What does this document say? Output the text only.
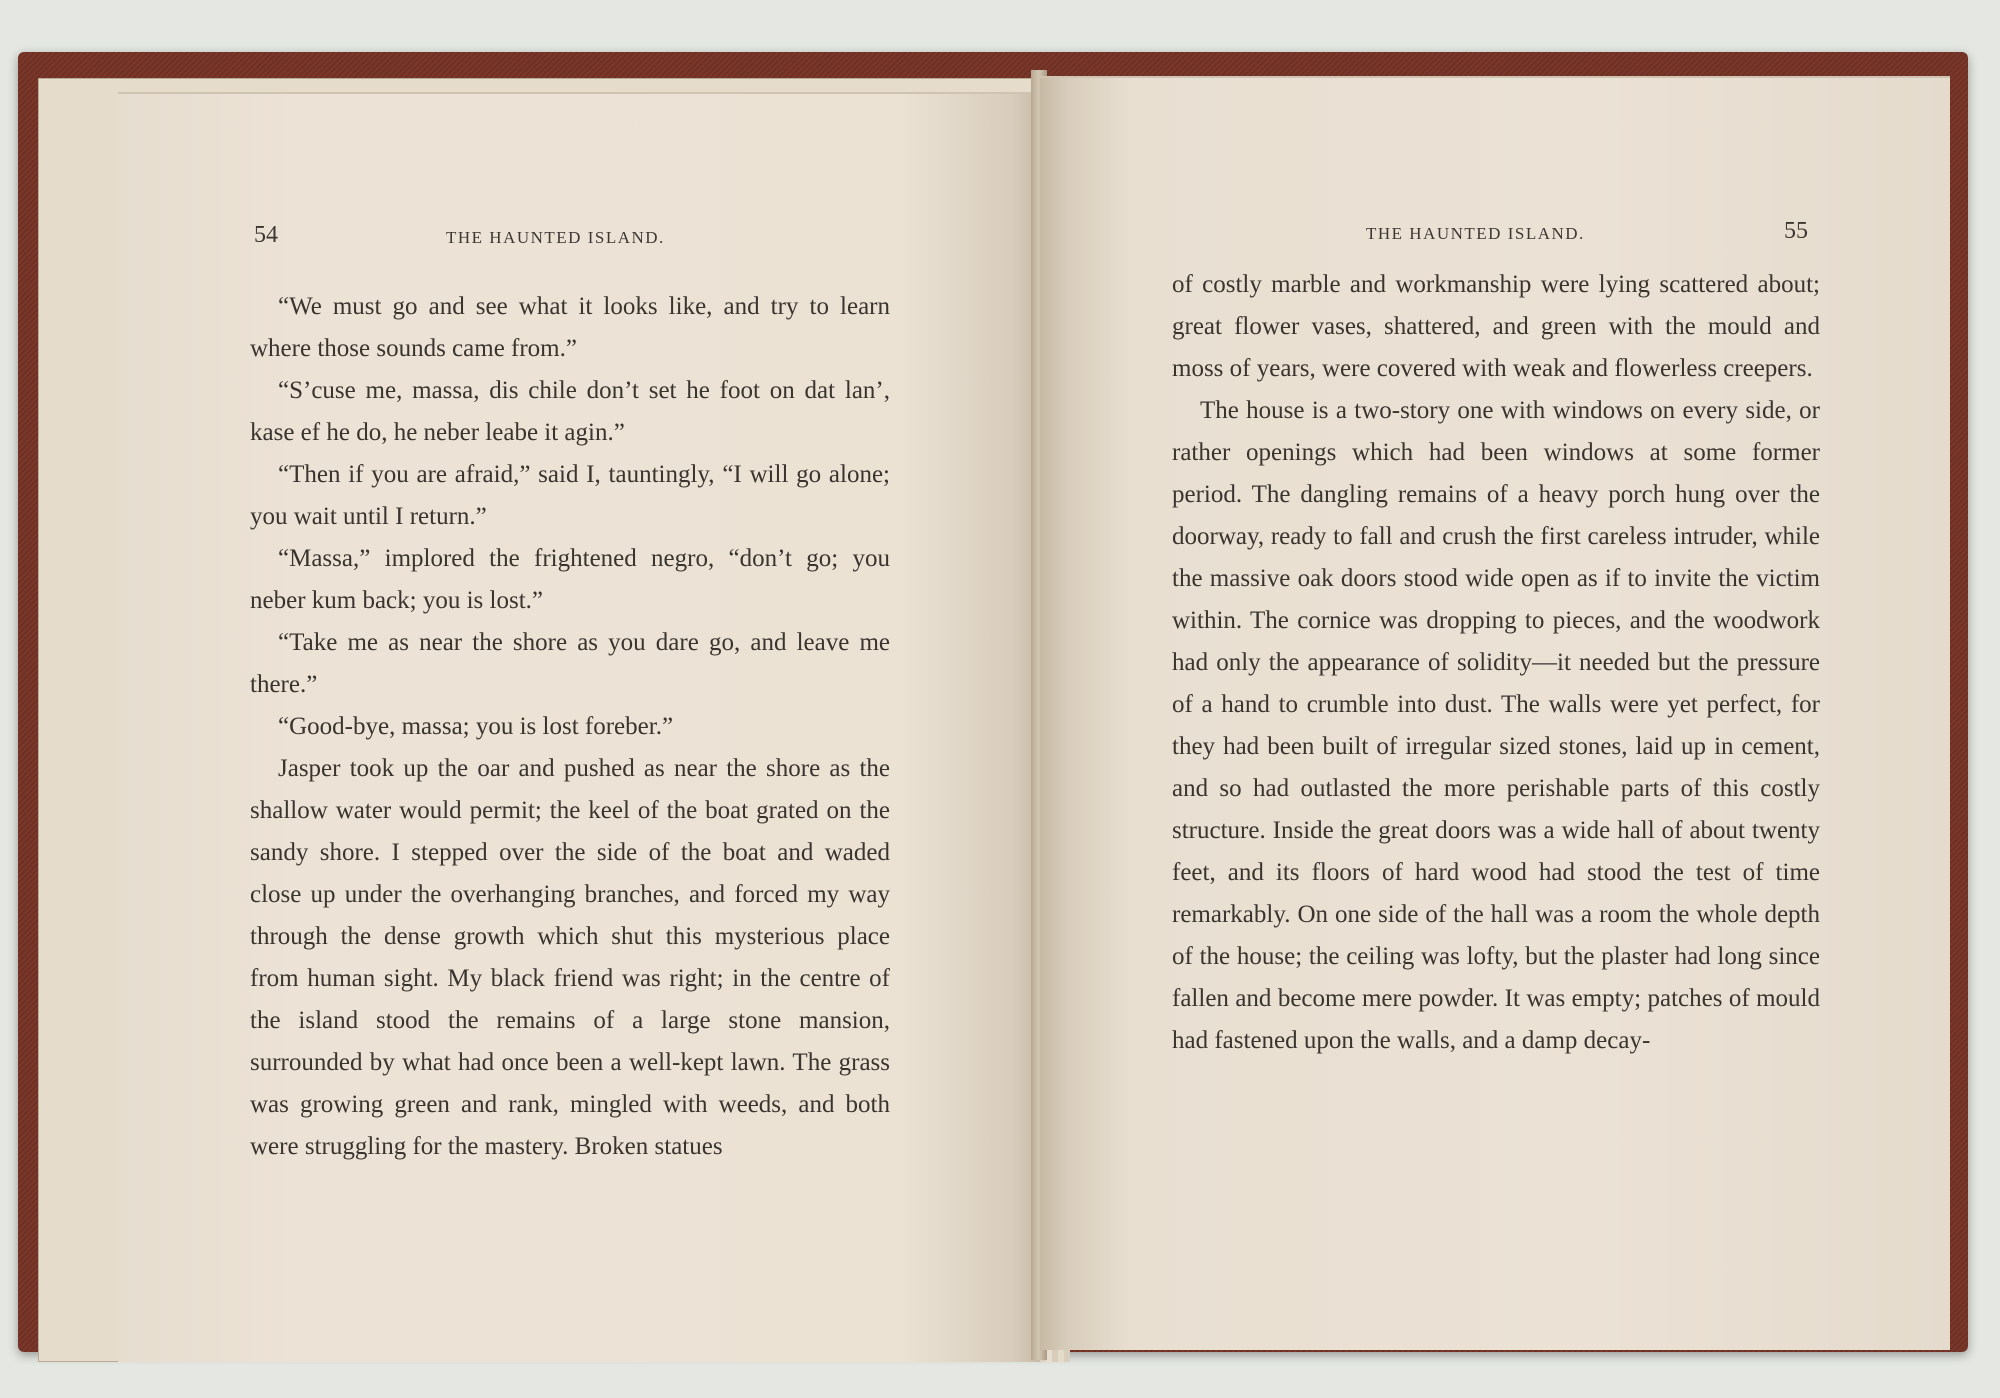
54	THE HAUNTED ISLAND.

“We must go and see what it looks like, and try to learn where those sounds came from.”

“S’cuse me, massa, dis chile don’t set he foot on dat lan’, kase ef he do, he neber leabe it agin.”

“Then if you are afraid,” said I, tauntingly, “I will go alone; you wait until I return.”

“Massa,” implored the frightened negro, “don’t go; you neber kum back; you is lost.”

“Take me as near the shore as you dare go, and leave me there.”

“Good-bye, massa; you is lost foreber.”

Jasper took up the oar and pushed as near the shore as the shallow water would permit; the keel of the boat grated on the sandy shore. I stepped over the side of the boat and waded close up under the overhanging branches, and forced my way through the dense growth which shut this mysterious place from human sight. My black friend was right; in the centre of the island stood the remains of a large stone mansion, surrounded by what had once been a well-kept lawn. The grass was growing green and rank, mingled with weeds, and both were struggling for the mastery. Broken statues

THE HAUNTED ISLAND.	55

of costly marble and workmanship were lying scattered about; great flower vases, shattered, and green with the mould and moss of years, were covered with weak and flowerless creepers.

The house is a two-story one with windows on every side, or rather openings which had been windows at some former period. The dangling remains of a heavy porch hung over the doorway, ready to fall and crush the first careless intruder, while the massive oak doors stood wide open as if to invite the victim within. The cornice was dropping to pieces, and the woodwork had only the appearance of solidity—it needed but the pressure of a hand to crumble into dust. The walls were yet perfect, for they had been built of irregular sized stones, laid up in cement, and so had outlasted the more perishable parts of this costly structure. Inside the great doors was a wide hall of about twenty feet, and its floors of hard wood had stood the test of time remarkably. On one side of the hall was a room the whole depth of the house; the ceiling was lofty, but the plaster had long since fallen and become mere powder. It was empty; patches of mould had fastened upon the walls, and a damp decay-
